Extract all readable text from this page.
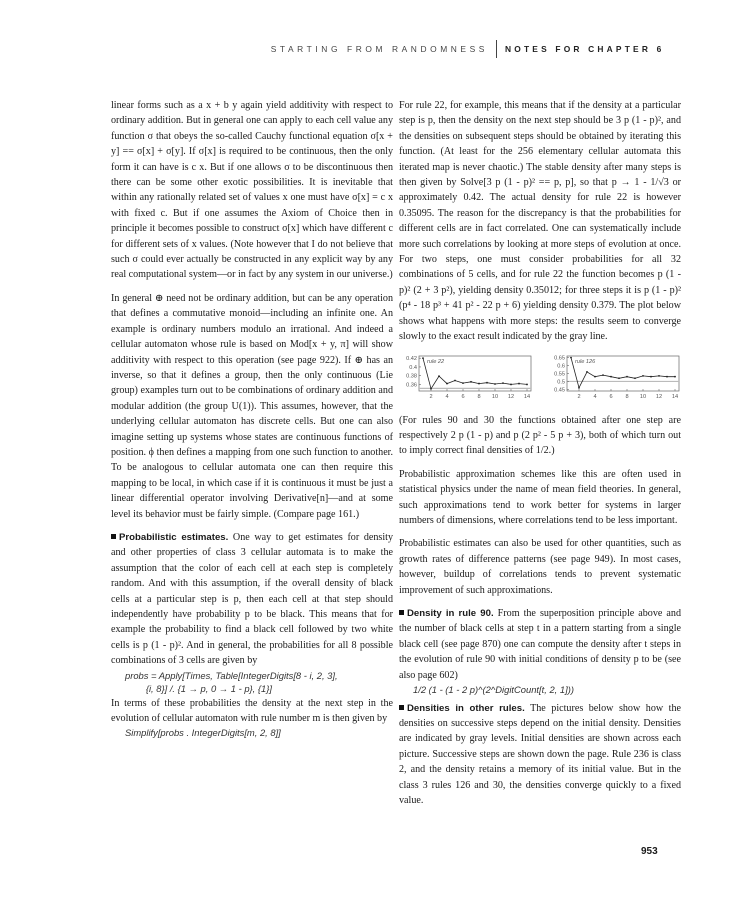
STARTING FROM RANDOMNESS NOTES FOR CHAPTER 6

linear forms such as a x + b y again yield additivity with respect to ordinary addition. But in general one can apply to each cell value any function σ that obeys the so-called Cauchy functional equation σ[x + y] == σ[x] + σ[y]. If σ[x] is required to be continuous, then the only form it can have is c x. But if one allows σ to be discontinuous then there can be some other exotic possibilities. It is inevitable that within any rationally related set of values x one must have σ[x] = c x with fixed c. But if one assumes the Axiom of Choice then in principle it becomes possible to construct σ[x] which have different c for different sets of x values. (Note however that I do not believe that such σ could ever actually be constructed in any explicit way by any real computational system—or in fact by any system in our universe.)

In general ⊕ need not be ordinary addition, but can be any operation that defines a commutative monoid—including an infinite one. An example is ordinary numbers modulo an irrational. And indeed a cellular automaton whose rule is based on Mod[x + y, π] will show additivity with respect to this operation (see page 922). If ⊕ has an inverse, so that it defines a group, then the only continuous (Lie group) examples turn out to be combinations of ordinary addition and modular addition (the group U(1)). This assumes, however, that the underlying cellular automaton has discrete cells. But one can also imagine setting up systems whose states are continuous functions of position. ϕ then defines a mapping from one such function to another. To be analogous to cellular automata one can then require this mapping to be local, in which case if it is continuous it must be just a linear differential operator involving Derivative[n]—and at some level its behavior must be fairly simple. (Compare page 161.)

Probabilistic estimates. One way to get estimates for density and other properties of class 3 cellular automata is to make the assumption that the color of each cell at each step is completely random. And with this assumption, if the overall density of black cells at a particular step is p, then each cell at that step should independently have probability p to be black. This means that for example the probability to find a black cell followed by two white cells is p (1 - p)². And in general, the probabilities for all 8 possible combinations of 3 cells are given by

probs = Apply[Times, Table[IntegerDigits[8 - i, 2, 3],
{i, 8}] /. {1 → p, 0 → 1 - p}, {1}]

In terms of these probabilities the density at the next step in the evolution of cellular automaton with rule number m is then given by

Simplify[probs . IntegerDigits[m, 2, 8]]

For rule 22, for example, this means that if the density at a particular step is p, then the density on the next step should be 3 p (1 - p)², and the densities on subsequent steps should be obtained by iterating this function. (At least for the 256 elementary cellular automata this iterated map is never chaotic.) The stable density after many steps is then given by Solve[3 p (1 - p)² == p, p], so that p → 1 - 1/√3 or approximately 0.42. The actual density for rule 22 is however 0.35095. The reason for the discrepancy is that the probabilities for different cells are in fact correlated. One can systematically include more such correlations by looking at more steps of evolution at once. For two steps, one must consider probabilities for all 32 combinations of 5 cells, and for rule 22 the function becomes p (1 - p)² (2 + 3 p²), yielding density 0.35012; for three steps it is p (1 - p)² (p⁴ - 18 p³ + 41 p² - 22 p + 6) yielding density 0.379. The plot below shows what happens with more steps: the results seem to converge slowly to the exact result indicated by the gray line.

0.36
0.38
0.4
0.42
2 4 6 8 10 12 14
rule 22
0.45
0.5
0.55
0.6
0.65
2 4 6 8 10 12 14
rule 126

(For rules 90 and 30 the functions obtained after one step are respectively 2 p (1 - p) and p (2 p² - 5 p + 3), both of which turn out to imply correct final densities of 1/2.)

Probabilistic approximation schemes like this are often used in statistical physics under the name of mean field theories. In general, such approximations tend to work better for systems in larger numbers of dimensions, where correlations tend to be less important.

Probabilistic estimates can also be used for other quantities, such as growth rates of difference patterns (see page 949). In most cases, however, buildup of correlations tends to prevent systematic improvement of such approximations.

Density in rule 90. From the superposition principle above and the number of black cells at step t in a pattern starting from a single black cell (see page 870) one can compute the density after t steps in the evolution of rule 90 with initial conditions of density p to be (see also page 602)

1/2 (1 - (1 - 2 p)^(2^DigitCount[t, 2, 1]))

Densities in other rules. The pictures below show how the densities on successive steps depend on the initial density. Densities are indicated by gray levels. Initial densities are shown across each picture. Successive steps are shown down the page. Rule 236 is class 2, and the density retains a memory of its initial value. But in the class 3 rules 126 and 30, the densities converge quickly to a fixed value.

953
